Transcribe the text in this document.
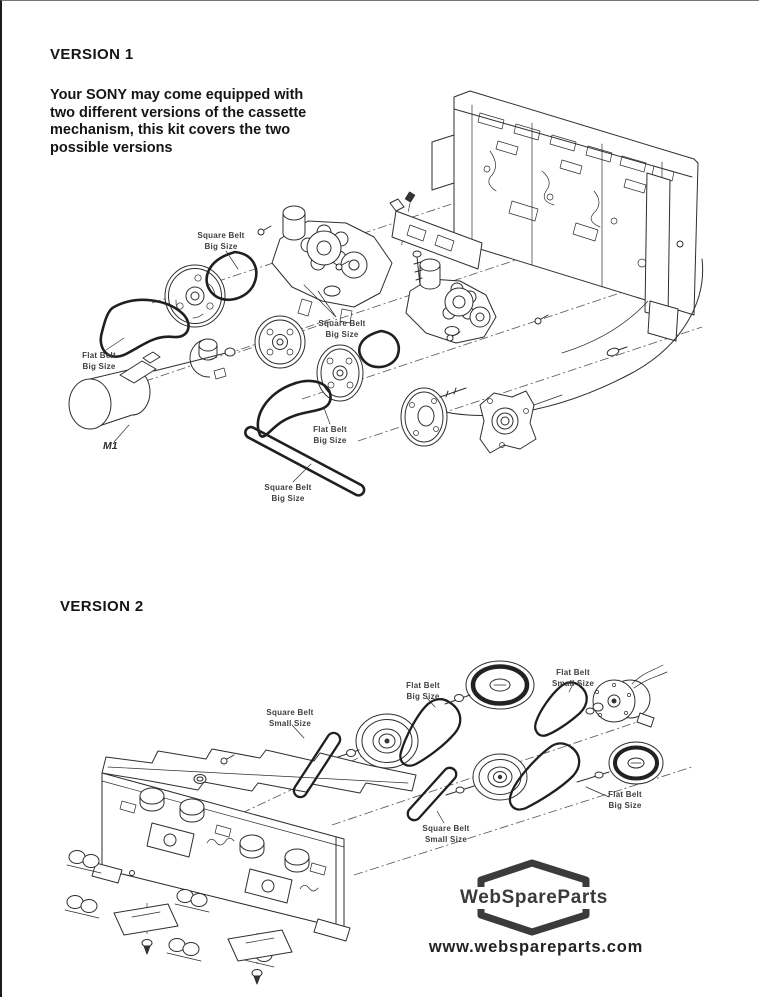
VERSION 1
Your SONY may come equipped with
two different versions of the cassette
mechanism, this kit covers the two
possible versions
VERSION 2
Square Belt
Big Size
Square Belt
Big Size
Flat Belt
Big Size
M1
Flat Belt
Big Size
Square Belt
Big Size
Square Belt
Small Size
Flat Belt
Big Size
Flat Belt
Small Size
Flat Belt
Big Size
Square Belt
Small Size
WebSpareParts
www.webspareparts.com
